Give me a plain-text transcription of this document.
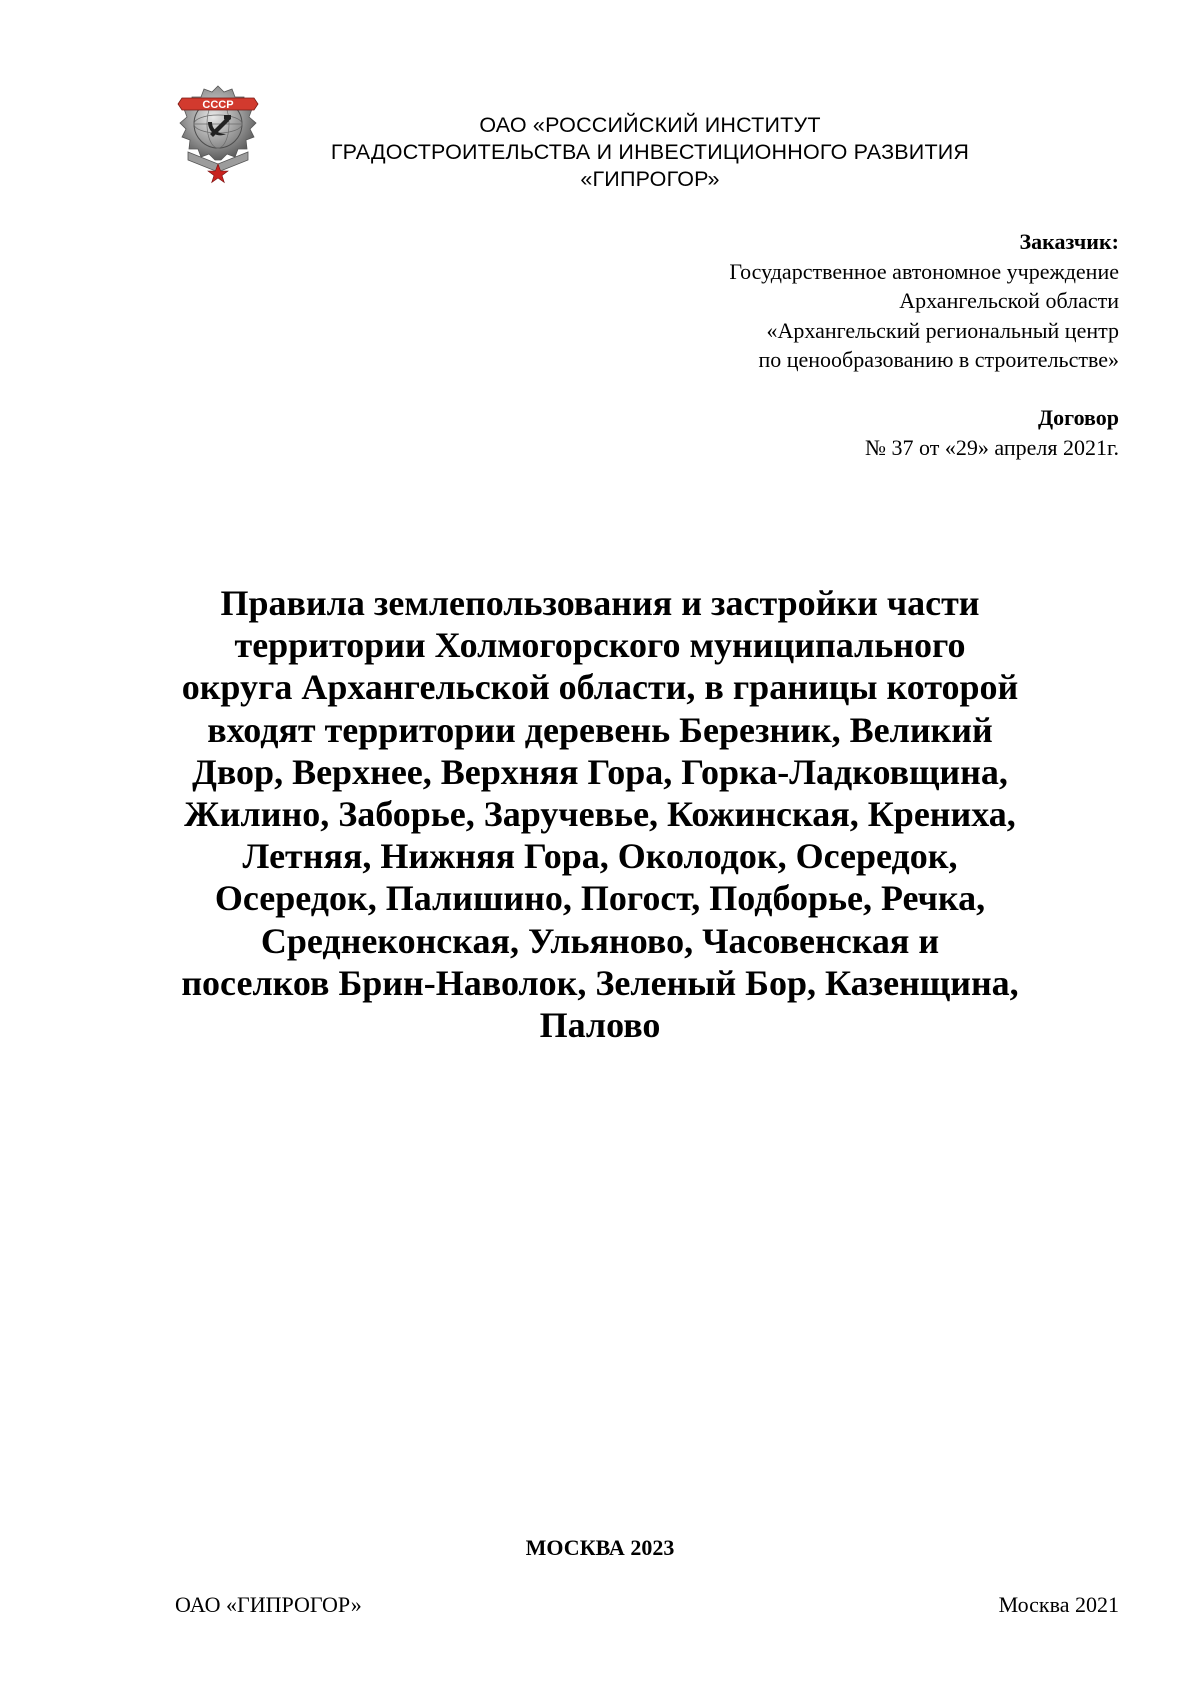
СССР
ОАО «РОССИЙСКИЙ ИНСТИТУТ
ГРАДОСТРОИТЕЛЬСТВА И ИНВЕСТИЦИОННОГО РАЗВИТИЯ
«ГИПРОГОР»
Заказчик:
Государственное автономное учреждение
Архангельской области
«Архангельский региональный центр
по ценообразованию в строительстве»
Договор
№ 37 от «29» апреля 2021г.
Правила землепользования и застройки части
территории Холмогорского муниципального
округа Архангельской области, в границы которой
входят территории деревень Березник, Великий
Двор, Верхнее, Верхняя Гора, Горка-Ладковщина,
Жилино, Заборье, Заручевье, Кожинская, Крениха,
Летняя, Нижняя Гора, Околодок, Осередок,
Осередок, Палишино, Погост, Подборье, Речка,
Среднеконская, Ульяново, Часовенская и
поселков Брин-Наволок, Зеленый Бор, Казенщина,
Палово
МОСКВА 2023
ОАО «ГИПРОГОР»	Москва 2021
